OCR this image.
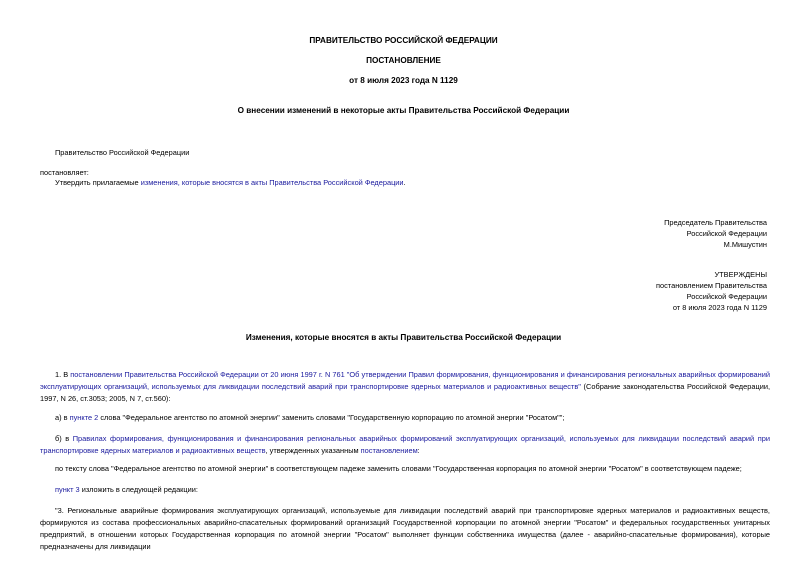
ПРАВИТЕЛЬСТВО РОССИЙСКОЙ ФЕДЕРАЦИИ
ПОСТАНОВЛЕНИЕ
от 8 июля 2023 года N 1129
О внесении изменений в некоторые акты Правительства Российской Федерации
Правительство Российской Федерации
постановляет:
Утвердить прилагаемые изменения, которые вносятся в акты Правительства Российской Федерации.
Председатель Правительства
Российской Федерации
М.Мишустин
УТВЕРЖДЕНЫ
постановлением Правительства
Российской Федерации
от 8 июля 2023 года N 1129
Изменения, которые вносятся в акты Правительства Российской Федерации
1. В постановлении Правительства Российской Федерации от 20 июня 1997 г. N 761 "Об утверждении Правил формирования, функционирования и финансирования региональных аварийных формирований эксплуатирующих организаций, используемых для ликвидации последствий аварий при транспортировке ядерных материалов и радиоактивных веществ" (Собрание законодательства Российской Федерации, 1997, N 26, ст.3053; 2005, N 7, ст.560):
а) в пункте 2 слова "Федеральное агентство по атомной энергии" заменить словами "Государственную корпорацию по атомной энергии "Росатом"";
б) в Правилах формирования, функционирования и финансирования региональных аварийных формирований эксплуатирующих организаций, используемых для ликвидации последствий аварий при транспортировке ядерных материалов и радиоактивных веществ, утвержденных указанным постановлением:
по тексту слова "Федеральное агентство по атомной энергии" в соответствующем падеже заменить словами "Государственная корпорация по атомной энергии "Росатом" в соответствующем падеже;
пункт 3 изложить в следующей редакции:
"3. Региональные аварийные формирования эксплуатирующих организаций, используемые для ликвидации последствий аварий при транспортировке ядерных материалов и радиоактивных веществ, формируются из состава профессиональных аварийно-спасательных формирований организаций Государственной корпорации по атомной энергии "Росатом" и федеральных государственных унитарных предприятий, в отношении которых Государственная корпорация по атомной энергии "Росатом" выполняет функции собственника имущества (далее - аварийно-спасательные формирования), которые предназначены для ликвидации
